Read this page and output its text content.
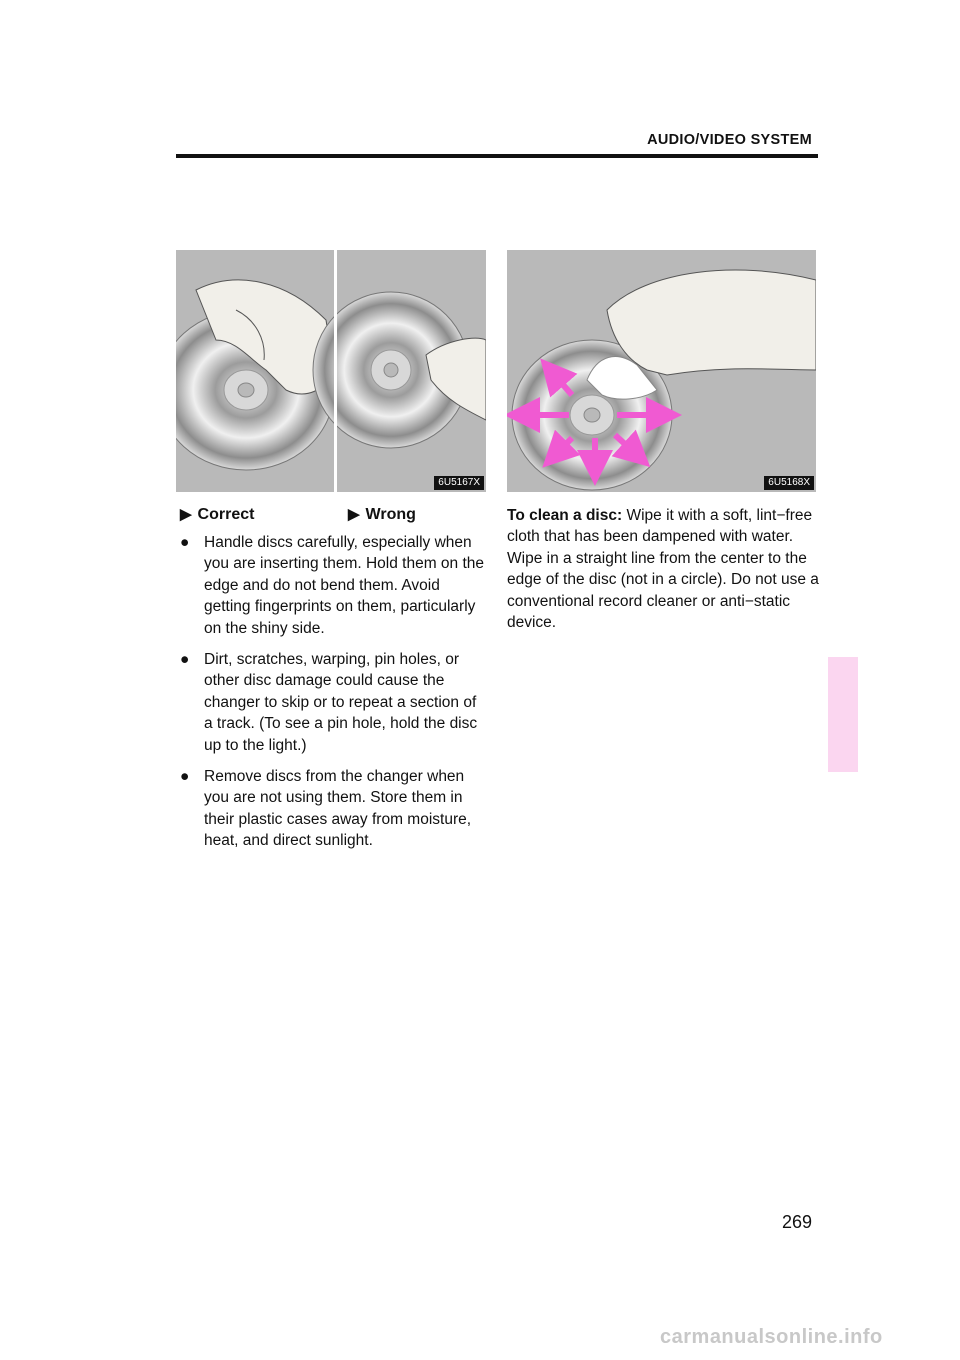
AUDIO/VIDEO SYSTEM
6U5167X	6U5168X
▶ Correct	▶ Wrong
● Handle discs carefully, especially when you are inserting them. Hold them on the edge and do not bend them. Avoid getting fingerprints on them, particularly on the shiny side.
● Dirt, scratches, warping, pin holes, or other disc damage could cause the changer to skip or to repeat a section of a track. (To see a pin hole, hold the disc up to the light.)
● Remove discs from the changer when you are not using them. Store them in their plastic cases away from moisture, heat, and direct sunlight.
To clean a disc: Wipe it with a soft, lint−free cloth that has been dampened with water. Wipe in a straight line from the center to the edge of the disc (not in a circle). Do not use a conventional record cleaner or anti−static device.
269
carmanualsonline.info
